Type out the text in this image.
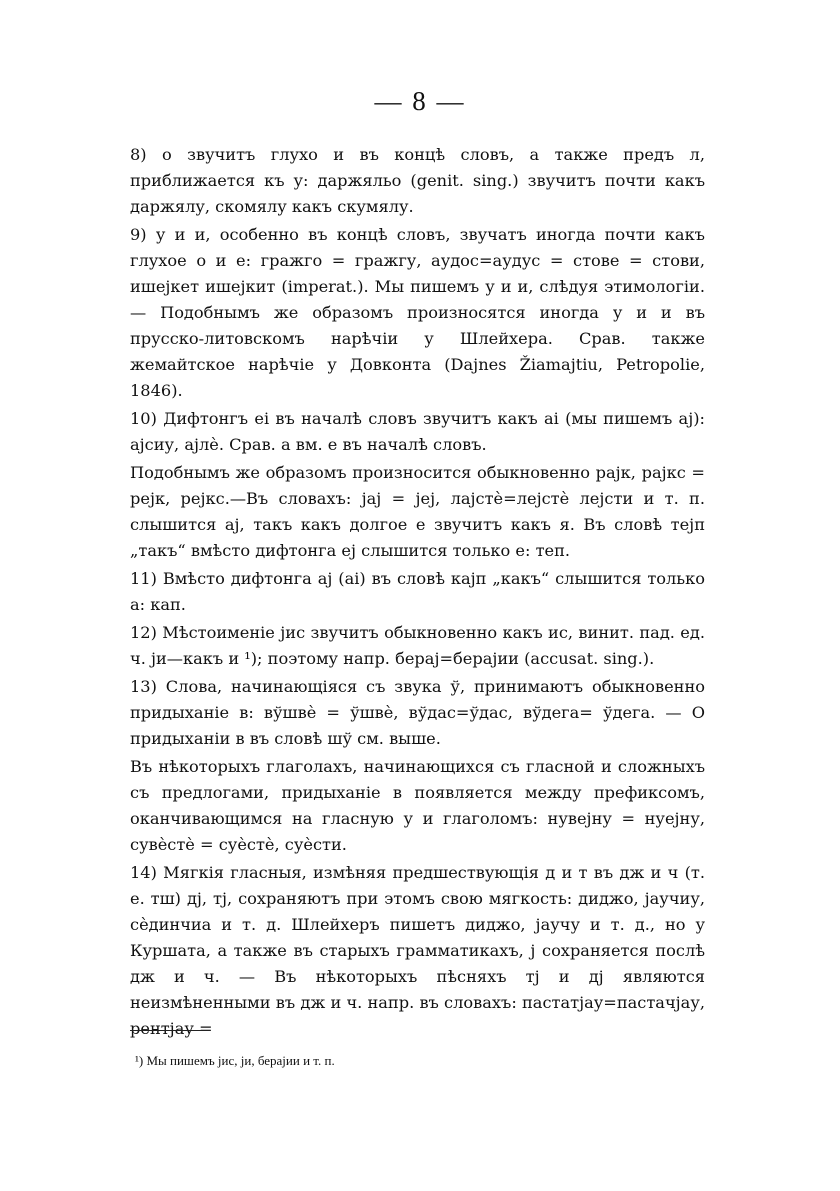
— 8 —

8) о звучитъ глухо и въ концѣ словъ, а также предъ л, приближается къ у: даржяльо (genit. sing.) звучитъ почти какъ даржялу, скомялу какъ скумялу.

9) у и и, особенно въ концѣ словъ, звучатъ иногда почти какъ глухое о и е: гражго = гражгу, аудос=аудус = стове = стови, ишејкет ишејкит (imperat.). Мы пишемъ у и и, слѣдуя этимологіи. — Подобнымъ же образомъ произносятся иногда у и и въ прусско-литовскомъ нарѣчіи у Шлейхера. Срав. также жемайтское нарѣчіе у Довконта (Dajnes Žiamajtiu, Petropolie, 1846).

10) Дифтонгъ еі въ началѣ словъ звучитъ какъ аі (мы пишемъ ај): ајсиу, ајлѐ. Срав. а вм. е въ началѣ словъ.

Подобнымъ же образомъ произносится обыкновенно рајк, рајкс = рејк, рејкс.—Въ словахъ: јај = јеј, лајстѐ=лејстѐ лејсти и т. п. слышится ај, такъ какъ долгое е звучитъ какъ я. Въ словѣ тејп „такъ“ вмѣсто дифтонга еј слышится только е: теп.

11) Вмѣсто дифтонга ај (аі) въ словѣ кајп „какъ“ слышится только а: кап.

12) Мѣстоименіе јис звучитъ обыкновенно какъ ис, винит. пад. ед. ч. ји—какъ и ¹); поэтому напр. берај=берајии (accusat. sing.).

13) Слова, начинающіяся съ звука ў, принимаютъ обыкновенно придыханіе в: вўшвѐ = ўшвѐ, вўдас=ўдас, вўдега= ўдега. — О придыханіи в въ словѣ шў см. выше.

Въ нѣкоторыхъ глаголахъ, начинающихся съ гласной и сложныхъ съ предлогами, придыханіе в появляется между префиксомъ, оканчивающимся на гласную у и глаголомъ: нувејну = нуејну, сувѐстѐ = суѐстѐ, суѐсти.

14) Мягкія гласныя, измѣняя предшествующія д и т въ дж и ч (т. е. тш) дј, тј, сохраняютъ при этомъ свою мягкость: диджо, јаучиу, сѐдинчиа и т. д. Шлейхеръ пишетъ диджо, јаучу и т. д., но у Куршата, а также въ старыхъ грамматикахъ, ј сохраняется послѣ дж и ч. — Въ нѣкоторыхъ пѣсняхъ тј и дј являются неизмѣненными въ дж и ч. напр. въ словахъ: пастатјау=пастачјау, рентјау =

¹) Мы пишемъ јис, ји, берајии и т. п.
